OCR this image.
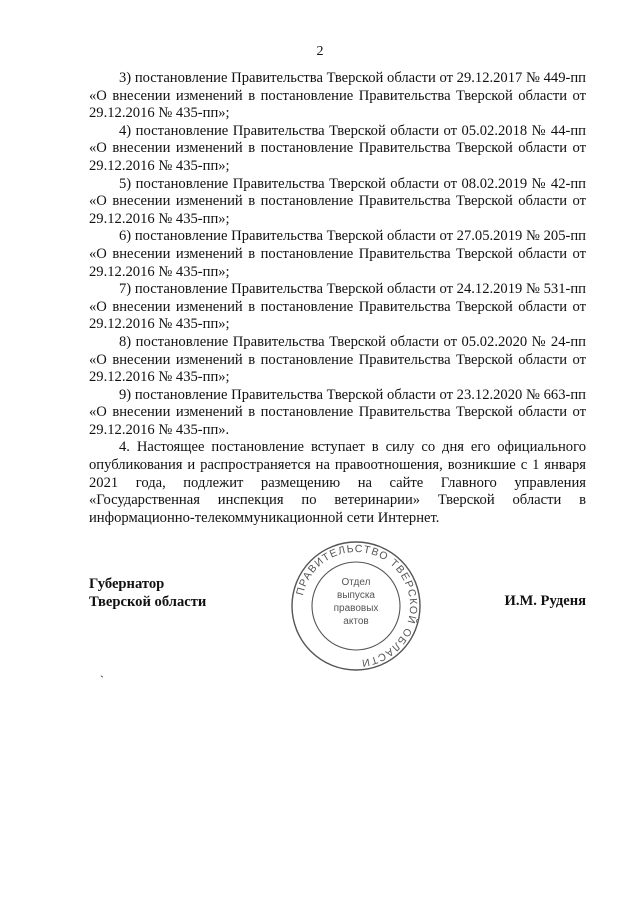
2

3) постановление Правительства Тверской области от 29.12.2017 № 449-пп «О внесении изменений в постановление Правительства Тверской области от 29.12.2016 № 435-пп»;

4) постановление Правительства Тверской области от 05.02.2018 № 44-пп «О внесении изменений в постановление Правительства Тверской области от 29.12.2016 № 435-пп»;

5) постановление Правительства Тверской области от 08.02.2019 № 42-пп «О внесении изменений в постановление Правительства Тверской области от 29.12.2016 № 435-пп»;

6) постановление Правительства Тверской области от 27.05.2019 № 205-пп «О внесении изменений в постановление Правительства Тверской области от 29.12.2016 № 435-пп»;

7) постановление Правительства Тверской области от 24.12.2019 № 531-пп «О внесении изменений в постановление Правительства Тверской области от 29.12.2016 № 435-пп»;

8) постановление Правительства Тверской области от 05.02.2020 № 24-пп «О внесении изменений в постановление Правительства Тверской области от 29.12.2016 № 435-пп»;

9) постановление Правительства Тверской области от 23.12.2020 № 663-пп «О внесении изменений в постановление Правительства Тверской области от 29.12.2016 № 435-пп».

4. Настоящее постановление вступает в силу со дня его официального опубликования и распространяется на правоотношения, возникшие с 1 января 2021 года, подлежит размещению на сайте Главного управления «Государственная инспекция по ветеринарии» Тверской области в информационно-телекоммуникационной сети Интернет.

ПРАВИТЕЛЬСТВО ТВЕРСКОЙ ОБЛАСТИ
Отдел
выпуска
правовых
актов
Губернатор
Тверской области	И.М. Руденя
`
